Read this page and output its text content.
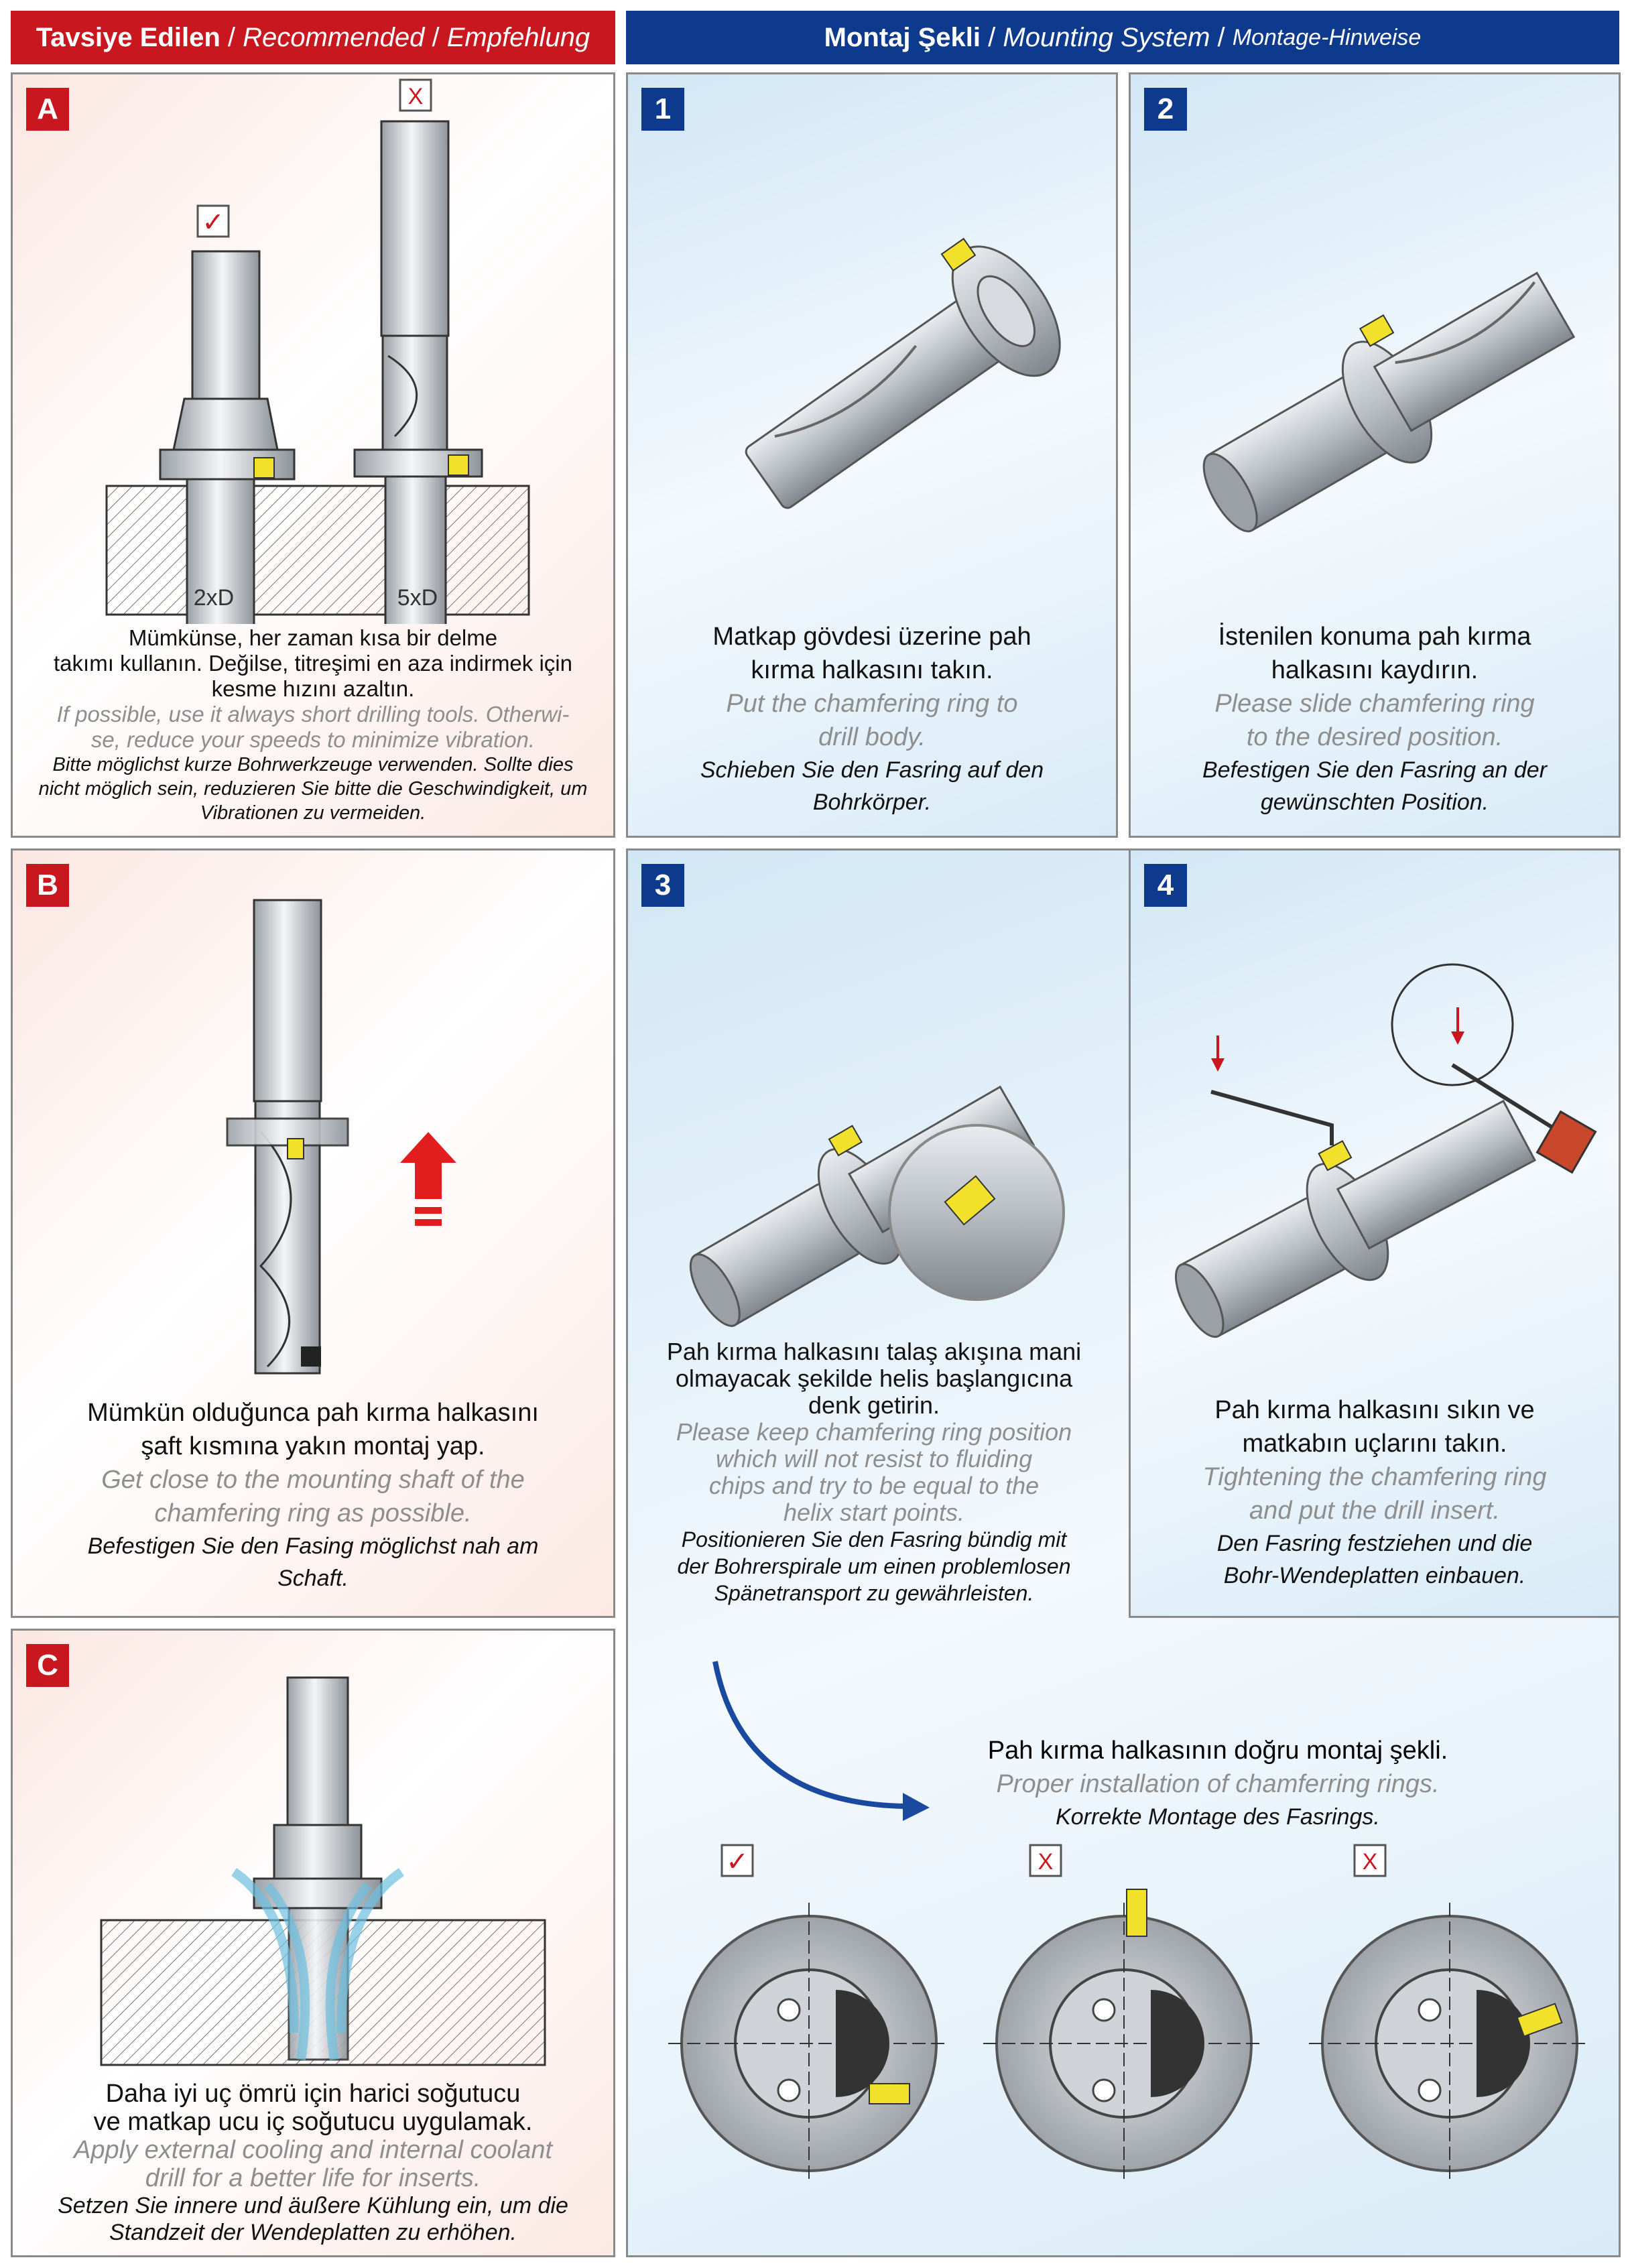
Tavsiye Edilen / Recommended / Empfehlung	Montaj Şekli / Mounting System / Montage-Hinweise
A
✓
X
2xD	5xD
Mümkünse, her zaman kısa bir delme
takımı kullanın. Değilse, titreşimi en aza indirmek için
kesme hızını azaltın.
If possible, use it always short drilling tools. Otherwi-
se, reduce your speeds to minimize vibration.
Bitte möglichst kurze Bohrwerkzeuge verwenden. Sollte dies
nicht möglich sein, reduzieren Sie bitte die Geschwindigkeit, um
Vibrationen zu vermeiden.
B
Mümkün olduğunca pah kırma halkasını
şaft kısmına yakın montaj yap.
Get close to the mounting shaft of the
chamfering ring as possible.
Befestigen Sie den Fasing möglichst nah am
Schaft.
C
Daha iyi uç ömrü için harici soğutucu
ve matkap ucu iç soğutucu uygulamak.
Apply external cooling and internal coolant
drill for a better life for inserts.
Setzen Sie innere und äußere Kühlung ein, um die
Standzeit der Wendeplatten zu erhöhen.
1
Matkap gövdesi üzerine pah
kırma halkasını takın.
Put the chamfering ring to
drill body.
Schieben Sie den Fasring auf den
Bohrkörper.
2
İstenilen konuma pah kırma
halkasını kaydırın.
Please slide chamfering ring
to the desired position.
Befestigen Sie den Fasring an der
gewünschten Position.
3
Pah kırma halkasını talaş akışına mani
olmayacak şekilde helis başlangıcına
denk getirin.
Please keep chamfering ring position
which will not resist to fluiding
chips and try to be equal to the
helix start points.
Positionieren Sie den Fasring bündig mit
der Bohrerspirale um einen problemlosen
Spänetransport zu gewährleisten.
Pah kırma halkasının doğru montaj şekli.
Proper installation of chamferring rings.
Korrekte Montage des Fasrings.
✓	X	X
4
Pah kırma halkasını sıkın ve
matkabın uçlarını takın.
Tightening the chamfering ring
and put the drill insert.
Den Fasring festziehen und die
Bohr-Wendeplatten einbauen.
